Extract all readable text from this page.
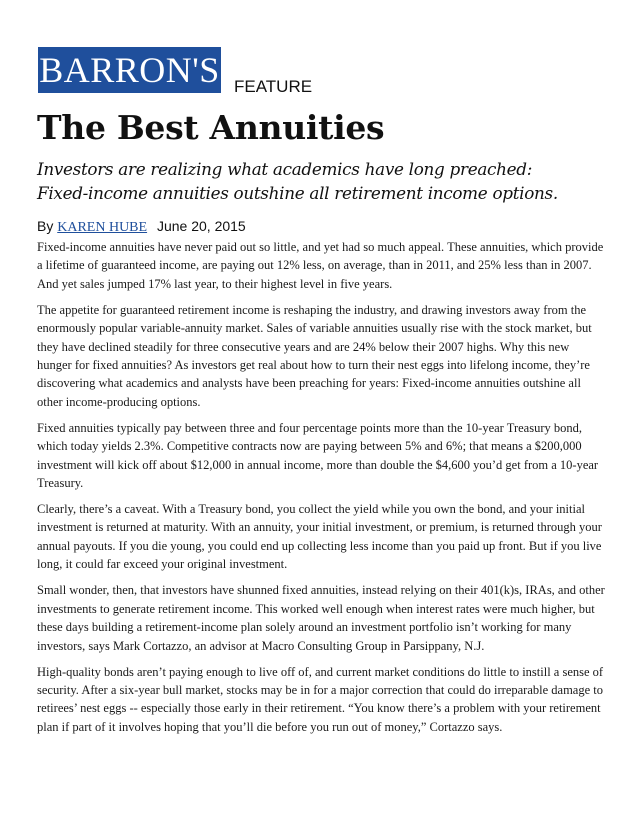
BARRON'S FEATURE
The Best Annuities
Investors are realizing what academics have long preached:
Fixed-income annuities outshine all retirement income options.
By KAREN HUBE June 20, 2015

Fixed-income annuities have never paid out so little, and yet had so much appeal. These annuities, which provide a lifetime of guaranteed income, are paying out 12% less, on average, than in 2011, and 25% less than in 2007. And yet sales jumped 17% last year, to their highest level in five years.

The appetite for guaranteed retirement income is reshaping the industry, and drawing investors away from the enormously popular variable-annuity market. Sales of variable annuities usually rise with the stock market, but they have declined steadily for three consecutive years and are 24% below their 2007 highs. Why this new hunger for fixed annuities? As investors get real about how to turn their nest eggs into lifelong income, they’re discovering what academics and analysts have been preaching for years: Fixed-income annuities outshine all other income-producing options.

Fixed annuities typically pay between three and four percentage points more than the 10-year Treasury bond, which today yields 2.3%. Competitive contracts now are paying between 5% and 6%; that means a $200,000 investment will kick off about $12,000 in annual income, more than double the $4,600 you’d get from a 10-year Treasury.

Clearly, there’s a caveat. With a Treasury bond, you collect the yield while you own the bond, and your initial investment is returned at maturity. With an annuity, your initial investment, or premium, is returned through your annual payouts. If you die young, you could end up collecting less income than you paid up front. But if you live long, it could far exceed your original investment.

Small wonder, then, that investors have shunned fixed annuities, instead relying on their 401(k)s, IRAs, and other investments to generate retirement income. This worked well enough when interest rates were much higher, but these days building a retirement-income plan solely around an investment portfolio isn’t working for many investors, says Mark Cortazzo, an advisor at Macro Consulting Group in Parsippany, N.J.

High-quality bonds aren’t paying enough to live off of, and current market conditions do little to instill a sense of security. After a six-year bull market, stocks may be in for a major correction that could do irreparable damage to retirees’ nest eggs -- especially those early in their retirement. “You know there’s a problem with your retirement plan if part of it involves hoping that you’ll die before you run out of money,” Cortazzo says.
